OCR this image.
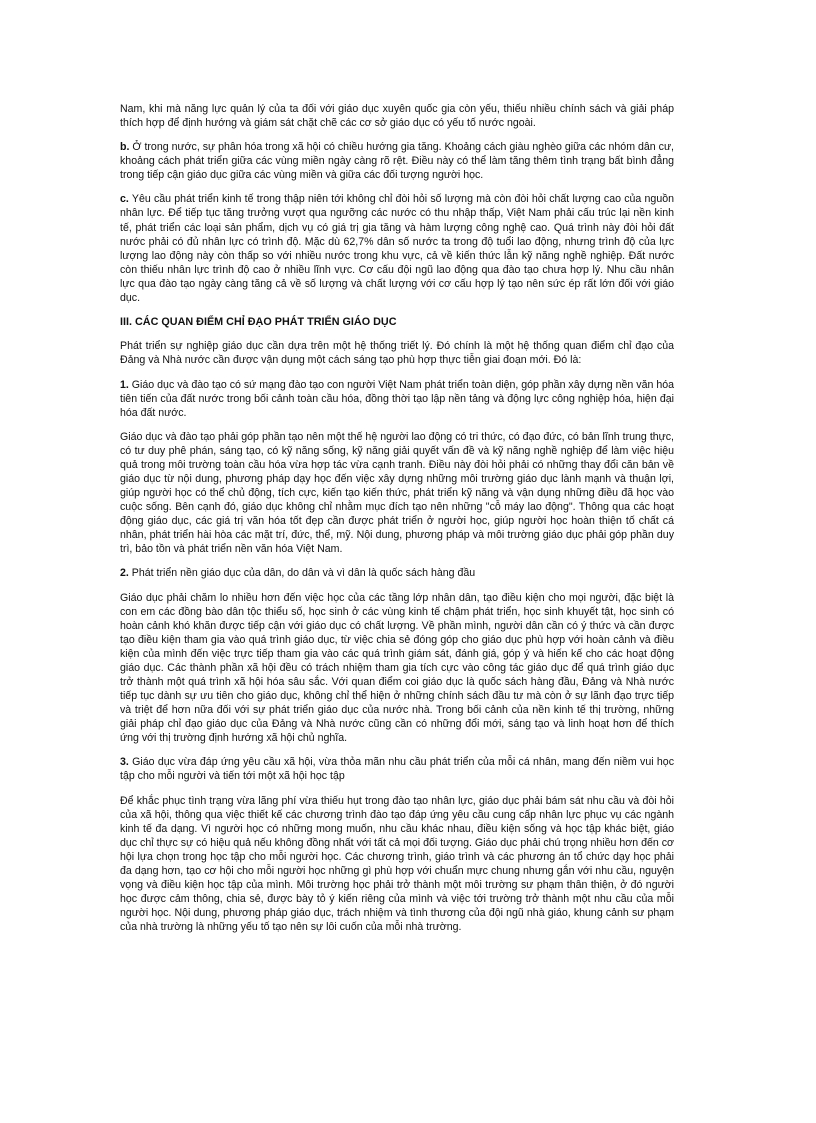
Nam, khi mà năng lực quản lý của ta đối với giáo dục xuyên quốc gia còn yếu, thiếu nhiều chính sách và giải pháp thích hợp để định hướng và giám sát chặt chẽ các cơ sở giáo dục có yếu tố nước ngoài.

b. Ở trong nước, sự phân hóa trong xã hội có chiều hướng gia tăng. Khoảng cách giàu nghèo giữa các nhóm dân cư, khoảng cách phát triển giữa các vùng miền ngày càng rõ rệt. Điều này có thể làm tăng thêm tình trạng bất bình đẳng trong tiếp cận giáo dục giữa các vùng miền và giữa các đối tượng người học.

c. Yêu cầu phát triển kinh tế trong thập niên tới không chỉ đòi hỏi số lượng mà còn đòi hỏi chất lượng cao của nguồn nhân lực. Để tiếp tục tăng trưởng vượt qua ngưỡng các nước có thu nhập thấp, Việt Nam phải cấu trúc lại nền kinh tế, phát triển các loại sản phẩm, dịch vụ có giá trị gia tăng và hàm lượng công nghệ cao. Quá trình này đòi hỏi đất nước phải có đủ nhân lực có trình độ. Mặc dù 62,7% dân số nước ta trong độ tuổi lao động, nhưng trình độ của lực lượng lao động này còn thấp so với nhiều nước trong khu vực, cả về kiến thức lẫn kỹ năng nghề nghiệp. Đất nước còn thiếu nhân lực trình độ cao ở nhiều lĩnh vực. Cơ cấu đội ngũ lao động qua đào tạo chưa hợp lý. Nhu cầu nhân lực qua đào tạo ngày càng tăng cả về số lượng và chất lượng với cơ cấu hợp lý tạo nên sức ép rất lớn đối với giáo dục.

III. CÁC QUAN ĐIỂM CHỈ ĐẠO PHÁT TRIỂN GIÁO DỤC

Phát triển sự nghiệp giáo dục cần dựa trên một hệ thống triết lý. Đó chính là một hệ thống quan điểm chỉ đạo của Đảng và Nhà nước cần được vận dụng một cách sáng tạo phù hợp thực tiễn giai đoạn mới. Đó là:

1. Giáo dục và đào tạo có sứ mạng đào tạo con người Việt Nam phát triển toàn diện, góp phần xây dựng nền văn hóa tiên tiến của đất nước trong bối cảnh toàn cầu hóa, đồng thời tạo lập nền tảng và động lực công nghiệp hóa, hiện đại hóa đất nước.

Giáo dục và đào tạo phải góp phần tạo nên một thế hệ người lao động có tri thức, có đạo đức, có bản lĩnh trung thực, có tư duy phê phán, sáng tạo, có kỹ năng sống, kỹ năng giải quyết vấn đề và kỹ năng nghề nghiệp để làm việc hiệu quả trong môi trường toàn cầu hóa vừa hợp tác vừa cạnh tranh. Điều này đòi hỏi phải có những thay đổi căn bản về giáo dục từ nội dung, phương pháp dạy học đến việc xây dựng những môi trường giáo dục lành mạnh và thuận lợi, giúp người học có thể chủ động, tích cực, kiến tạo kiến thức, phát triển kỹ năng và vận dụng những điều đã học vào cuộc sống. Bên cạnh đó, giáo dục không chỉ nhằm mục đích tạo nên những "cỗ máy lao động". Thông qua các hoạt động giáo dục, các giá trị văn hóa tốt đẹp cần được phát triển ở người học, giúp người học hoàn thiện tố chất cá nhân, phát triển hài hòa các mặt trí, đức, thể, mỹ. Nội dung, phương pháp và môi trường giáo dục phải góp phần duy trì, bảo tồn và phát triển nền văn hóa Việt Nam.

2. Phát triển nền giáo dục của dân, do dân và vì dân là quốc sách hàng đầu

Giáo dục phải chăm lo nhiều hơn đến việc học của các tầng lớp nhân dân, tạo điều kiện cho mọi người, đặc biệt là con em các đồng bào dân tộc thiểu số, học sinh ở các vùng kinh tế chậm phát triển, học sinh khuyết tật, học sinh có hoàn cảnh khó khăn được tiếp cận với giáo dục có chất lượng. Về phần mình, người dân cần có ý thức và cần được tạo điều kiện tham gia vào quá trình giáo dục, từ việc chia sẻ đóng góp cho giáo dục phù hợp với hoàn cảnh và điều kiện của mình đến việc trực tiếp tham gia vào các quá trình giám sát, đánh giá, góp ý và hiến kế cho các hoạt động giáo dục. Các thành phần xã hội đều có trách nhiệm tham gia tích cực vào công tác giáo dục để quá trình giáo dục trở thành một quá trình xã hội hóa sâu sắc. Với quan điểm coi giáo dục là quốc sách hàng đầu, Đảng và Nhà nước tiếp tục dành sự ưu tiên cho giáo dục, không chỉ thể hiện ở những chính sách đầu tư mà còn ở sự lãnh đạo trực tiếp và triệt để hơn nữa đối với sự phát triển giáo dục của nước nhà. Trong bối cảnh của nền kinh tế thị trường, những giải pháp chỉ đạo giáo dục của Đảng và Nhà nước cũng cần có những đổi mới, sáng tạo và linh hoạt hơn để thích ứng với thị trường định hướng xã hội chủ nghĩa.

3. Giáo dục vừa đáp ứng yêu cầu xã hội, vừa thỏa mãn nhu cầu phát triển của mỗi cá nhân, mang đến niềm vui học tập cho mỗi người và tiến tới một xã hội học tập

Để khắc phục tình trạng vừa lãng phí vừa thiếu hụt trong đào tạo nhân lực, giáo dục phải bám sát nhu cầu và đòi hỏi của xã hội, thông qua việc thiết kế các chương trình đào tạo đáp ứng yêu cầu cung cấp nhân lực phục vụ các ngành kinh tế đa dạng. Vì người học có những mong muốn, nhu cầu khác nhau, điều kiện sống và học tập khác biệt, giáo dục chỉ thực sự có hiệu quả nếu không đồng nhất với tất cả mọi đối tượng. Giáo dục phải chú trọng nhiều hơn đến cơ hội lựa chọn trong học tập cho mỗi người học. Các chương trình, giáo trình và các phương án tổ chức dạy học phải đa dạng hơn, tạo cơ hội cho mỗi người học những gì phù hợp với chuẩn mực chung nhưng gắn với nhu cầu, nguyện vọng và điều kiện học tập của mình. Môi trường học phải trở thành một môi trường sư phạm thân thiện, ở đó người học được cảm thông, chia sẻ, được bày tỏ ý kiến riêng của mình và việc tới trường trở thành một nhu cầu của mỗi người học. Nội dung, phương pháp giáo dục, trách nhiệm và tình thương của đội ngũ nhà giáo, khung cảnh sư phạm của nhà trường là những yếu tố tạo nên sự lôi cuốn của mỗi nhà trường.
